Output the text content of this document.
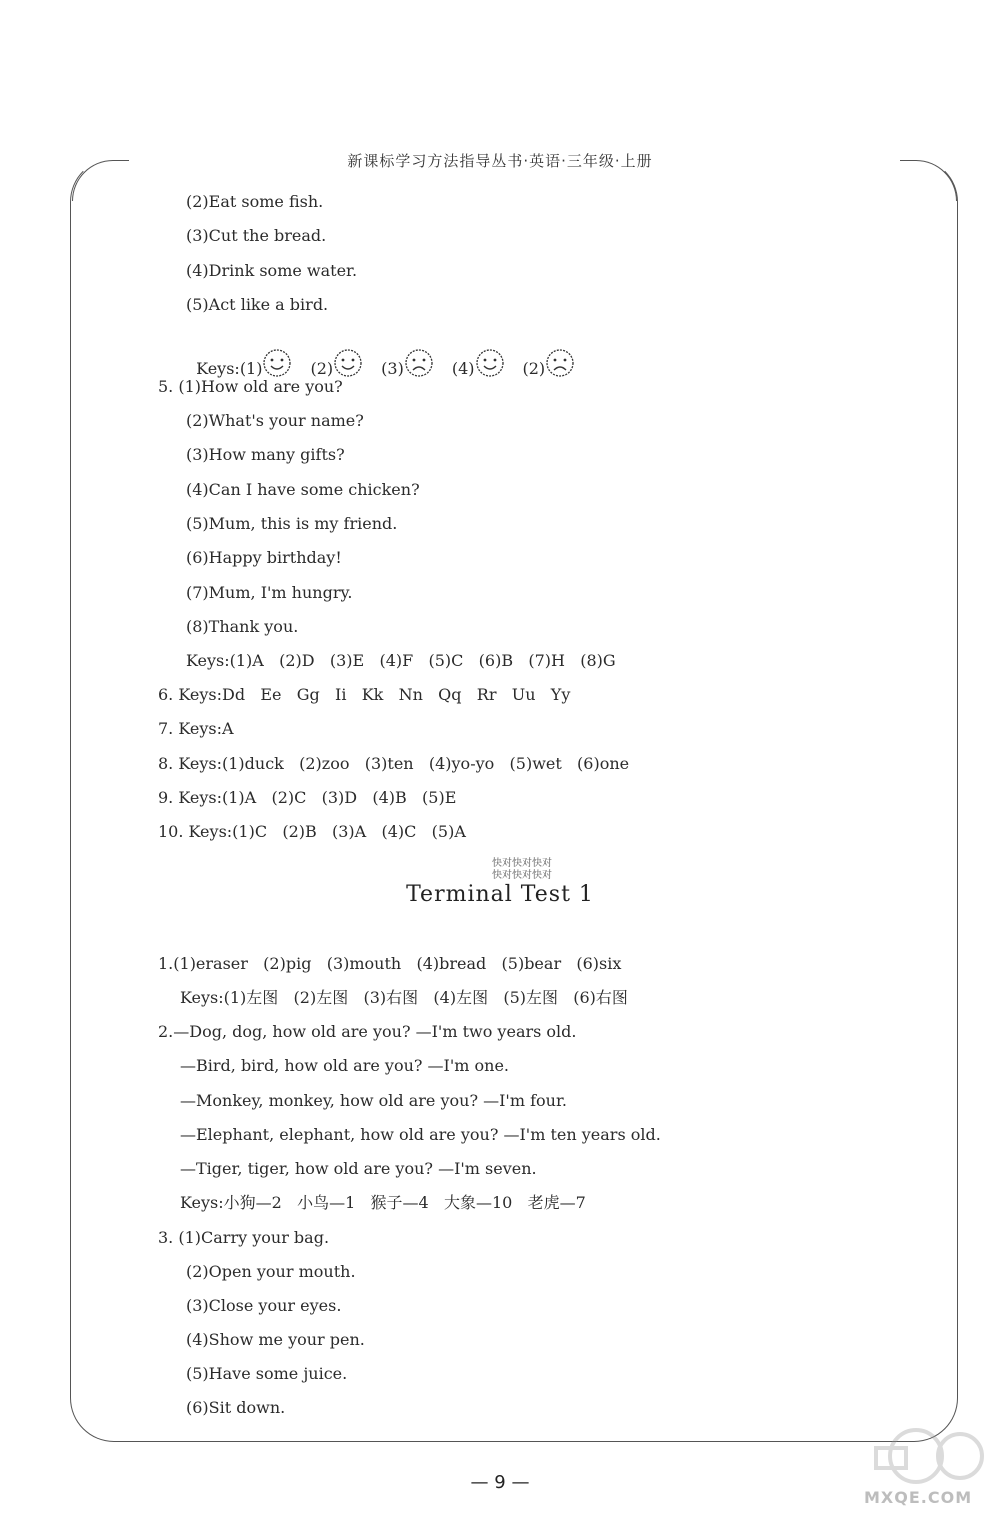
新课标学习方法指导丛书·英语·三年级·上册
(2)Eat some fish.
(3)Cut the bread.
(4)Drink some water.
(5)Act like a bird.

Keys:(1)	(2)	(3)	(4)	(2)

5. (1)How old are you?
(2)What's your name?
(3)How many gifts?
(4)Can I have some chicken?
(5)Mum, this is my friend.
(6)Happy birthday!
(7)Mum, I'm hungry.
(8)Thank you.
Keys:(1)A   (2)D   (3)E   (4)F   (5)C   (6)B   (7)H   (8)G
6. Keys:Dd   Ee   Gg   Ii   Kk   Nn   Qq   Rr   Uu   Yy
7. Keys:A
8. Keys:(1)duck   (2)zoo   (3)ten   (4)yo-yo   (5)wet   (6)one
9. Keys:(1)A   (2)C   (3)D   (4)B   (5)E
10. Keys:(1)C   (2)B   (3)A   (4)C   (5)A
快对快对快对
快对快对快对
Terminal Test 1
1.(1)eraser   (2)pig   (3)mouth   (4)bread   (5)bear   (6)six
Keys:(1)左图   (2)左图   (3)右图   (4)左图   (5)左图   (6)右图
2.—Dog, dog, how old are you? —I'm two years old.
—Bird, bird, how old are you? —I'm one.
—Monkey, monkey, how old are you? —I'm four.
—Elephant, elephant, how old are you? —I'm ten years old.
—Tiger, tiger, how old are you? —I'm seven.
Keys:小狗—2   小鸟—1   猴子—4   大象—10   老虎—7
3. (1)Carry your bag.
(2)Open your mouth.
(3)Close your eyes.
(4)Show me your pen.
(5)Have some juice.
(6)Sit down.
— 9 —
MXQE.COM
